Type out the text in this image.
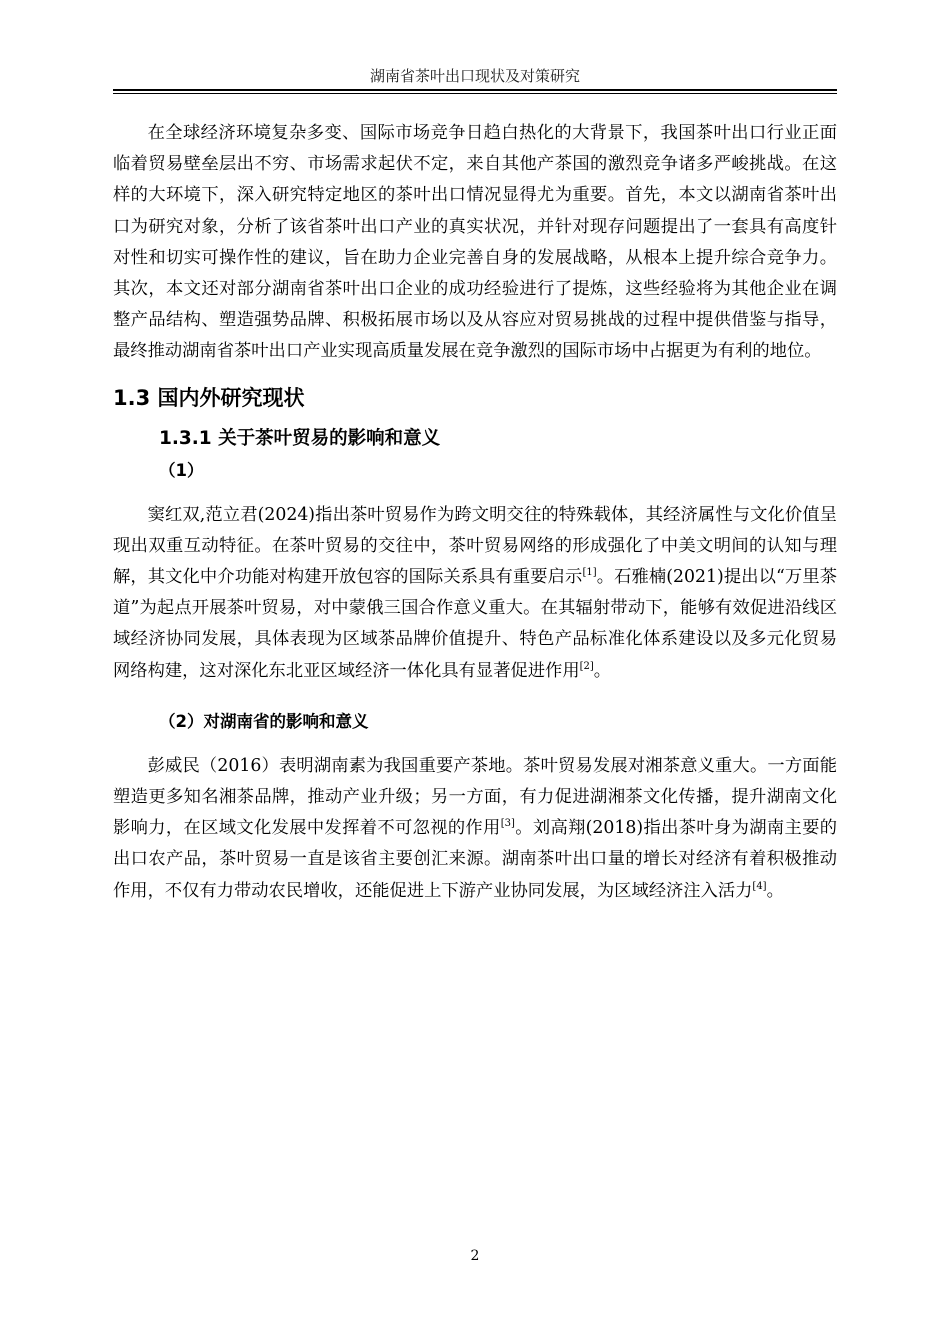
湖南省茶叶出口现状及对策研究

在全球经济环境复杂多变、国际市场竞争日趋白热化的大背景下，我国茶叶出口行业正面临着贸易壁垒层出不穷、市场需求起伏不定，来自其他产茶国的激烈竞争诸多严峻挑战。在这样的大环境下，深入研究特定地区的茶叶出口情况显得尤为重要。首先，本文以湖南省茶叶出口为研究对象，分析了该省茶叶出口产业的真实状况，并针对现存问题提出了一套具有高度针对性和切实可操作性的建议，旨在助力企业完善自身的发展战略，从根本上提升综合竞争力。其次，本文还对部分湖南省茶叶出口企业的成功经验进行了提炼，这些经验将为其他企业在调整产品结构、塑造强势品牌、积极拓展市场以及从容应对贸易挑战的过程中提供借鉴与指导，最终推动湖南省茶叶出口产业实现高质量发展在竞争激烈的国际市场中占据更为有利的地位。

1.3 国内外研究现状
1.3.1 关于茶叶贸易的影响和意义
（1）

窦红双,范立君(2024)指出茶叶贸易作为跨文明交往的特殊载体，其经济属性与文化价值呈现出双重互动特征。在茶叶贸易的交往中，茶叶贸易网络的形成强化了中美文明间的认知与理解，其文化中介功能对构建开放包容的国际关系具有重要启示[1]。石雅楠(2021)提出以“万里茶道”为起点开展茶叶贸易，对中蒙俄三国合作意义重大。在其辐射带动下，能够有效促进沿线区域经济协同发展，具体表现为区域茶品牌价值提升、特色产品标准化体系建设以及多元化贸易网络构建，这对深化东北亚区域经济一体化具有显著促进作用[2]。

（2）对湖南省的影响和意义

彭威民（2016）表明湖南素为我国重要产茶地。茶叶贸易发展对湘茶意义重大。一方面能塑造更多知名湘茶品牌，推动产业升级；另一方面，有力促进湖湘茶文化传播，提升湖南文化影响力，在区域文化发展中发挥着不可忽视的作用[3]。刘高翔(2018)指出茶叶身为湖南主要的出口农产品，茶叶贸易一直是该省主要创汇来源。湖南茶叶出口量的增长对经济有着积极推动作用，不仅有力带动农民增收，还能促进上下游产业协同发展，为区域经济注入活力[4]。

2
